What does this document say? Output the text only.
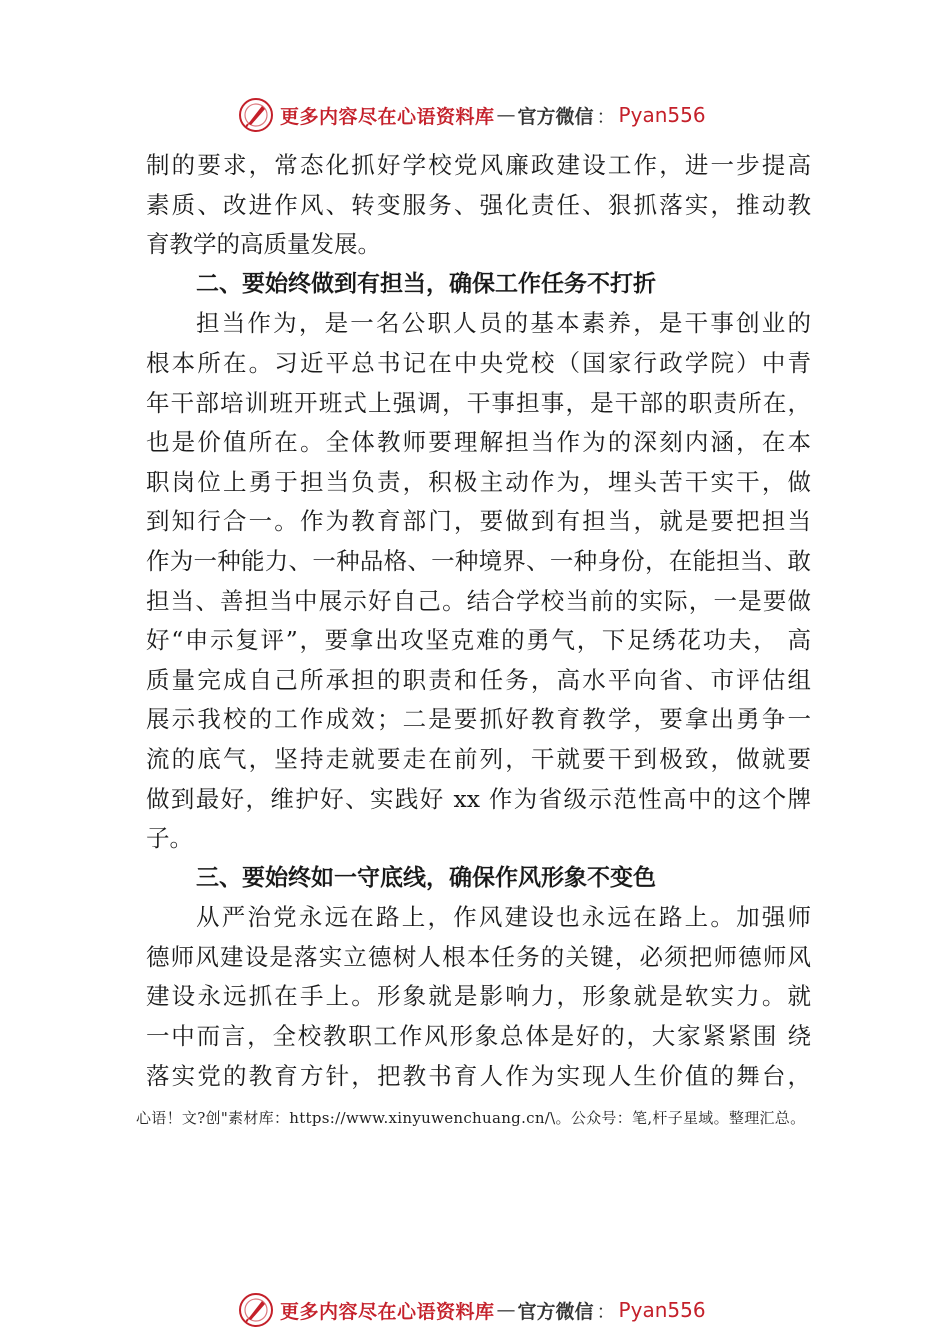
更多内容尽在心语资料库 — 官方微信 ： Pyan556
制的要求，常态化抓好学校党风廉政建设工作，进一步提高
素质、改进作风、转变服务、强化责任、狠抓落实，推动教
育教学的高质量发展。
二、要始终做到有担当，确保工作任务不打折
担当作为，是一名公职人员的基本素养，是干事创业的
根本所在。习近平总书记在中央党校（国家行政学院）中青
年干部培训班开班式上强调，干事担事，是干部的职责所在，
也是价值所在。全体教师要理解担当作为的深刻内涵，在本
职岗位上勇于担当负责，积极主动作为，埋头苦干实干，做
到知行合一。作为教育部门，要做到有担当，就是要把担当
作为一种能力、一种品格、一种境界、一种身份，在能担当、敢
担当、善担当中展示好自己。结合学校当前的实际，一是要做
好“申示复评”，要拿出攻坚克难的勇气，下足绣花功夫， 高
质量完成自己所承担的职责和任务，高水平向省、市评估组
展示我校的工作成效；二是要抓好教育教学，要拿出勇争一
流的底气，坚持走就要走在前列，干就要干到极致，做就要
做到最好，维护好、实践好 xx 作为省级示范性高中的这个牌
子。
三、要始终如一守底线，确保作风形象不变色
从严治党永远在路上，作风建设也永远在路上。加强师
德师风建设是落实立德树人根本任务的关键，必须把师德师风
建设永远抓在手上。形象就是影响力，形象就是软实力。就
一中而言，全校教职工作风形象总体是好的，大家紧紧围 绕
落实党的教育方针，把教书育人作为实现人生价值的舞台，
心语！文?创"素材库：https://www.xinyuwenchuang.cn/\。公众号：笔,杆子星域。整理汇总。
更多内容尽在心语资料库 — 官方微信 ： Pyan556
